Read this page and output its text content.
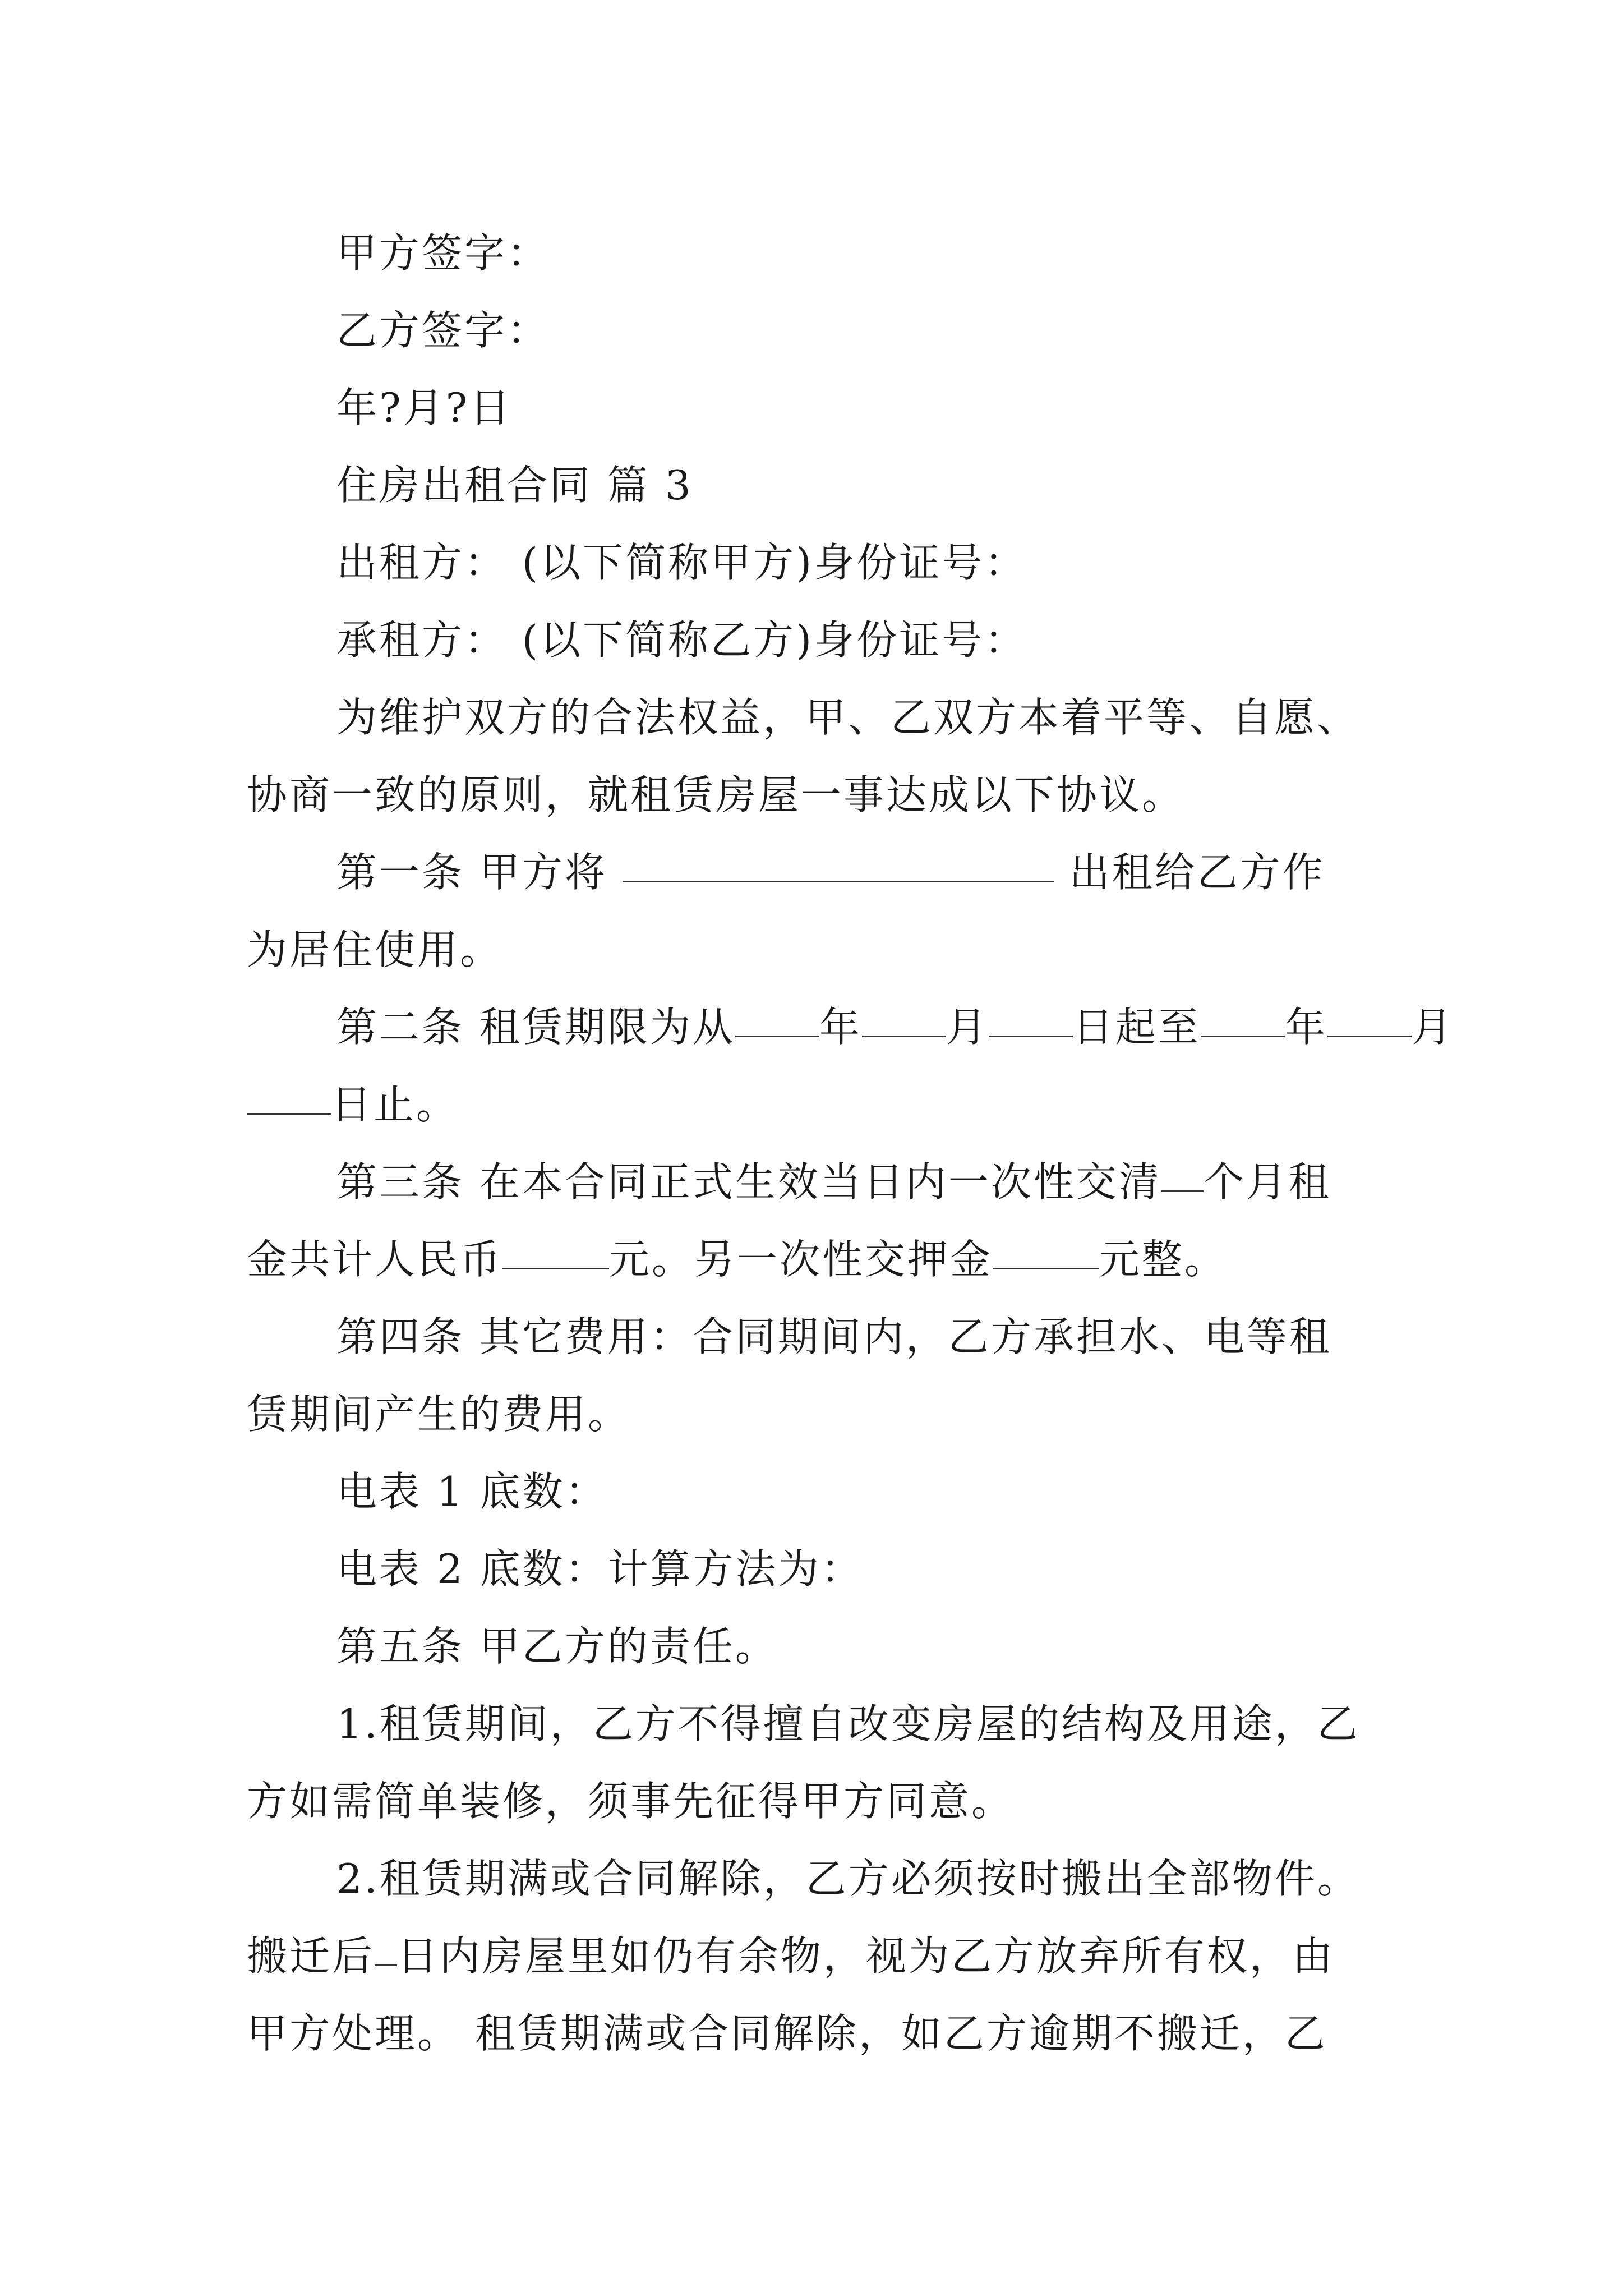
甲方签字：
乙方签字：
年?月?日
住房出租合同 篇 3
出租方： (以下简称甲方)身份证号：
承租方： (以下简称乙方)身份证号：
为维护双方的合法权益，甲、乙双方本着平等、自愿、
协商一致的原则，就租赁房屋一事达成以下协议。
第一条 甲方将	出租给乙方作
为居住使用。
第二条 租赁期限为从 年 月 日起至 年 月
日止。
第三条 在本合同正式生效当日内一次性交清 个月租
金共计人民币	元。另一次性交押金	元整。
第四条 其它费用：合同期间内，乙方承担水、电等租
赁期间产生的费用。
电表 1 底数：
电表 2 底数：计算方法为：
第五条 甲乙方的责任。
1.租赁期间，乙方不得擅自改变房屋的结构及用途，乙
方如需简单装修，须事先征得甲方同意。
2.租赁期满或合同解除，乙方必须按时搬出全部物件。
搬迁后 日内房屋里如仍有余物，视为乙方放弃所有权，由
甲方处理。 租赁期满或合同解除，如乙方逾期不搬迁，乙
